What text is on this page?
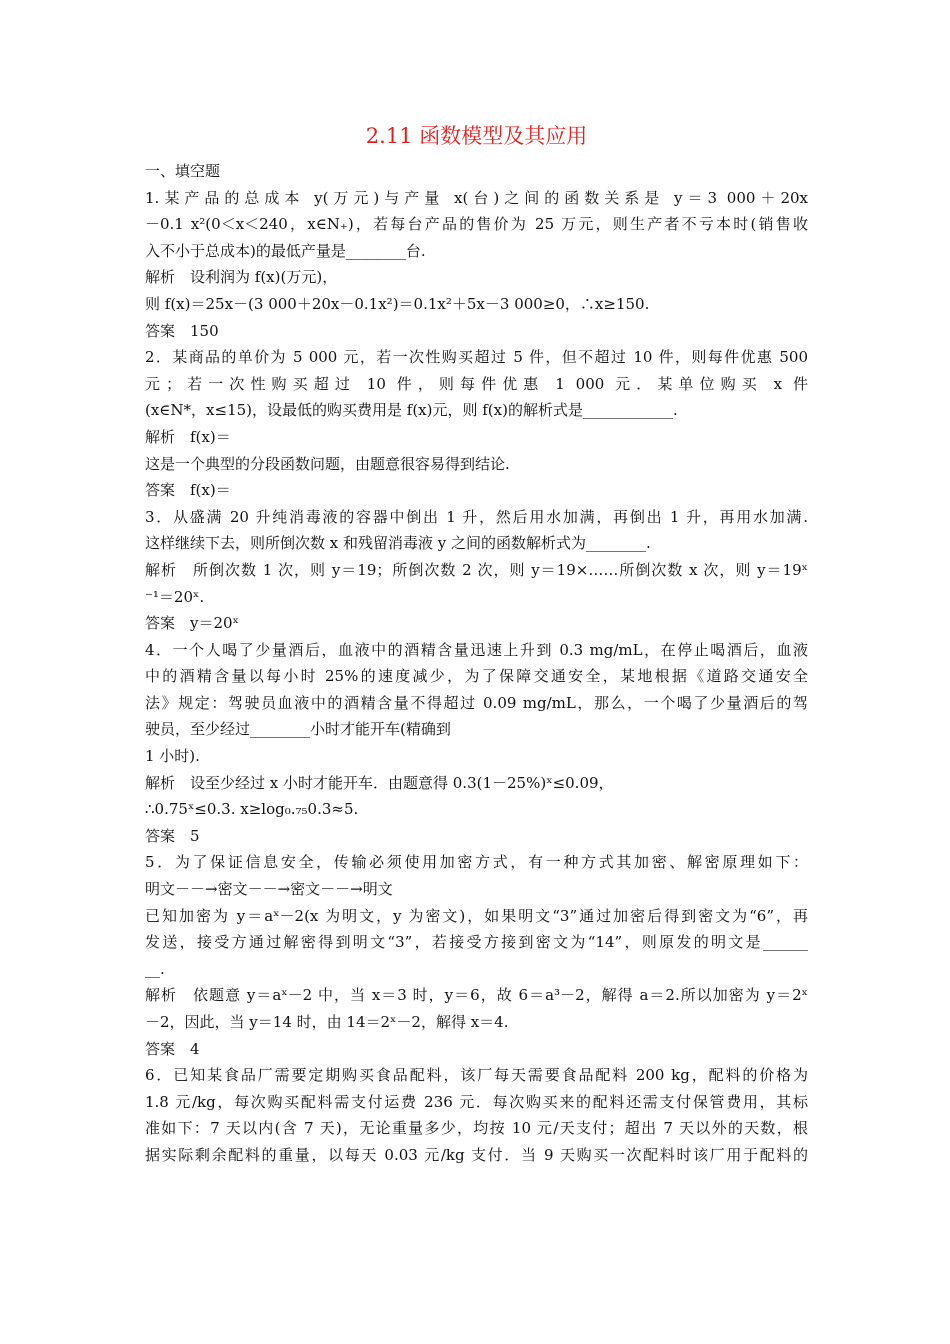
2.11 函数模型及其应用

一、填空题

1.某产品的总成本 y(万元)与产量 x(台)之间的函数关系是 y＝3 000＋20x

－0.1 x²(0＜x＜240，x∈N₊)，若每台产品的售价为 25 万元，则生产者不亏本时(销售收

入不小于总成本)的最低产量是________台.

解析　设利润为 f(x)(万元)，

则 f(x)＝25x－(3 000＋20x－0.1x²)＝0.1x²＋5x－3 000≥0，∴x≥150.

答案　150

2．某商品的单价为 5 000 元，若一次性购买超过 5 件，但不超过 10 件，则每件优惠 500

元；若一次性购买超过 10 件，则每件优惠 1 000 元．某单位购买 x 件

(x∈N*，x≤15)，设最低的购买费用是 f(x)元，则 f(x)的解析式是____________.

解析　f(x)＝

这是一个典型的分段函数问题，由题意很容易得到结论.

答案　f(x)＝

3．从盛满 20 升纯消毒液的容器中倒出 1 升，然后用水加满，再倒出 1 升，再用水加满.

这样继续下去，则所倒次数 x 和残留消毒液 y 之间的函数解析式为________.

解析　所倒次数 1 次，则 y＝19；所倒次数 2 次，则 y＝19×……所倒次数 x 次，则 y＝19ˣ

⁻¹＝20ˣ.

答案　y＝20ˣ

4．一个人喝了少量酒后，血液中的酒精含量迅速上升到 0.3 mg/mL，在停止喝酒后，血液

中的酒精含量以每小时 25%的速度减少，为了保障交通安全，某地根据《道路交通安全

法》规定：驾驶员血液中的酒精含量不得超过 0.09 mg/mL，那么，一个喝了少量酒后的驾

驶员，至少经过________小时才能开车(精确到

1 小时).

解析　设至少经过 x 小时才能开车．由题意得 0.3(1－25%)ˣ≤0.09，

∴0.75ˣ≤0.3. x≥log₀.₇₅0.3≈5.

答案　5

5．为了保证信息安全，传输必须使用加密方式，有一种方式其加密、解密原理如下：

明文－－→密文－－→密文－－→明文

已知加密为 y＝aˣ－2(x 为明文，y 为密文)，如果明文“3”通过加密后得到密文为“6”，再

发送，接受方通过解密得到明文“3”，若接受方接到密文为“14”，则原发的明文是______

__.

解析　依题意 y＝aˣ－2 中，当 x＝3 时，y＝6，故 6＝a³－2，解得 a＝2.所以加密为 y＝2ˣ

－2，因此，当 y＝14 时，由 14＝2ˣ－2，解得 x＝4.

答案　4

6．已知某食品厂需要定期购买食品配料，该厂每天需要食品配料 200 kg，配料的价格为

1.8 元/kg，每次购买配料需支付运费 236 元．每次购买来的配料还需支付保管费用，其标

准如下：7 天以内(含 7 天)，无论重量多少，均按 10 元/天支付；超出 7 天以外的天数，根

据实际剩余配料的重量，以每天 0.03 元/kg 支付．当 9 天购买一次配料时该厂用于配料的
